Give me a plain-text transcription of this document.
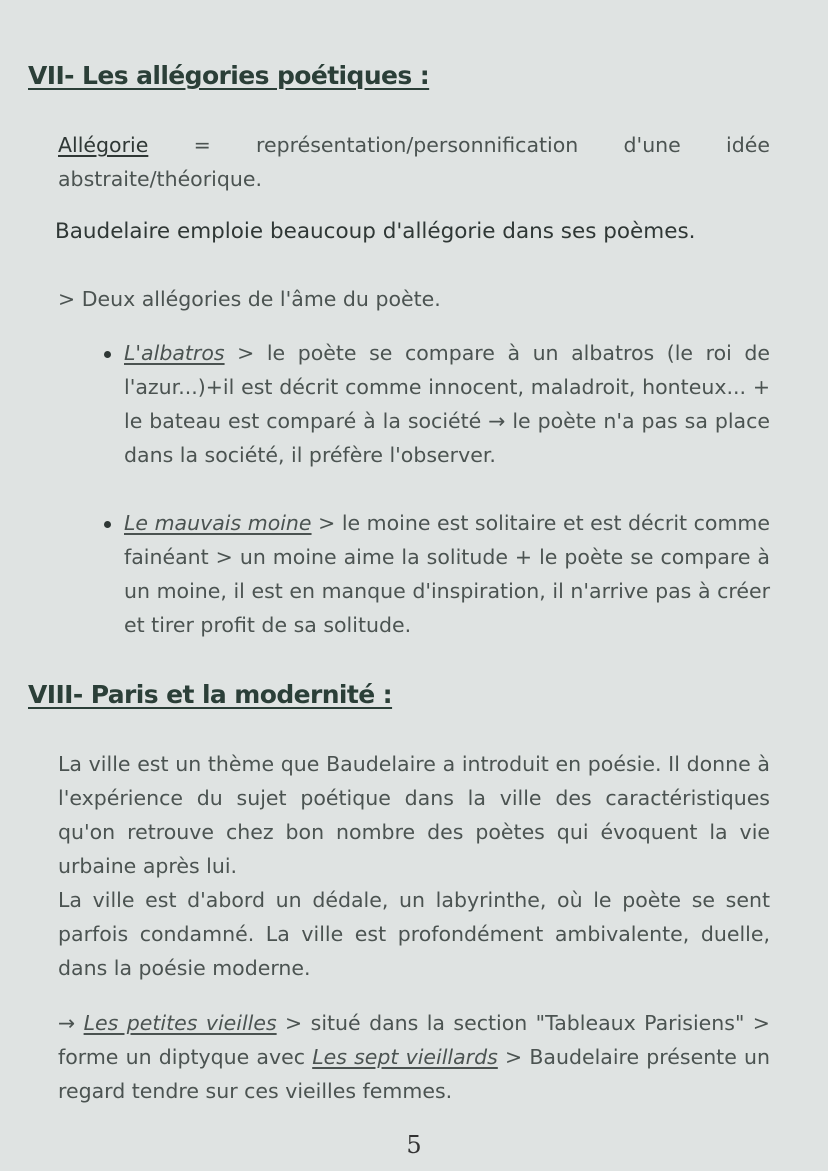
VII- Les allégories poétiques :

Allégorie = représentation/personnification d'une idée abstraite/théorique.

Baudelaire emploie beaucoup d'allégorie dans ses poèmes.

> Deux allégories de l'âme du poète.

L'albatros > le poète se compare à un albatros (le roi de l'azur...)+il est décrit comme innocent, maladroit, honteux... + le bateau est comparé à la société → le poète n'a pas sa place dans la société, il préfère l'observer.

Le mauvais moine > le moine est solitaire et est décrit comme fainéant > un moine aime la solitude + le poète se compare à un moine, il est en manque d'inspiration, il n'arrive pas à créer et tirer profit de sa solitude.

VIII- Paris et la modernité :

La ville est un thème que Baudelaire a introduit en poésie. Il donne à l'expérience du sujet poétique dans la ville des caractéristiques qu'on retrouve chez bon nombre des poètes qui évoquent la vie urbaine après lui.

La ville est d'abord un dédale, un labyrinthe, où le poète se sent parfois condamné. La ville est profondément ambivalente, duelle, dans la poésie moderne.

→ Les petites vieilles > situé dans la section "Tableaux Parisiens" > forme un diptyque avec Les sept vieillards > Baudelaire présente un regard tendre sur ces vieilles femmes.

5
